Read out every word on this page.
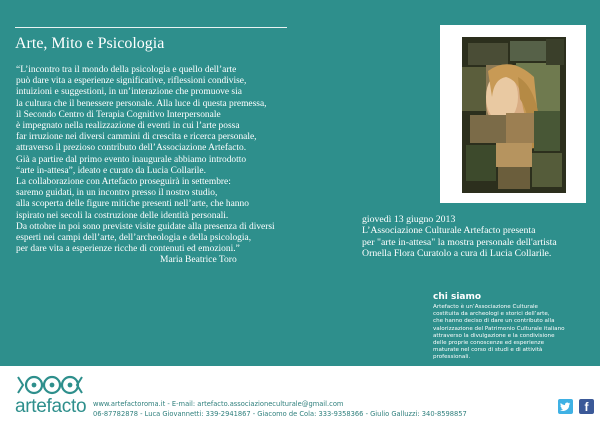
Arte, Mito e Psicologia
“L’incontro tra il mondo della psicologia e quello dell’arte
può dare vita a esperienze significative, riflessioni condivise,
intuizioni e suggestioni, in un’interazione che promuove sia
la cultura che il benessere personale. Alla luce di questa premessa,
il Secondo Centro di Terapia Cognitivo Interpersonale
è impegnato nella realizzazione di eventi in cui l’arte possa
far irruzione nei diversi cammini di crescita e ricerca personale,
attraverso il prezioso contributo dell’Associazione Artefacto.
Già a partire dal primo evento inaugurale abbiamo introdotto
“arte in-attesa”, ideato e curato da Lucia Collarile.
La collaborazione con Artefacto proseguirà in settembre:
saremo guidati, in un incontro presso il nostro studio,
alla scoperta delle figure mitiche presenti nell’arte, che hanno
ispirato nei secoli la costruzione delle identità personali.
Da ottobre in poi sono previste visite guidate alla presenza di diversi
esperti nei campi dell’arte, dell’archeologia e della psicologia,
per dare vita a esperienze ricche di contenuti ed emozioni.”
Maria Beatrice Toro
giovedì 13 giugno 2013
L’Associazione Culturale Artefacto presenta
per "arte in-attesa" la mostra personale dell'artista
Ornella Flora Curatolo a cura di Lucia Collarile.
chi siamo
Artefacto è un’Associazione Culturale
costituita da archeologi e storici dell’arte,
che hanno deciso di dare un contributo alla
valorizzazione del Patrimonio Culturale italiano
attraverso la divulgazione e la condivisione
delle proprie conoscenze ed esperienze
maturate nel corso di studi e di attività
professionali.
artefacto www.artefactoroma.it - E-mail: artefacto.associazioneculturale@gmail.com
06-87782878 - Luca Giovannetti: 339-2941867 - Giacomo de Cola: 333-9358366 - Giulio Galluzzi: 340-8598857	f
